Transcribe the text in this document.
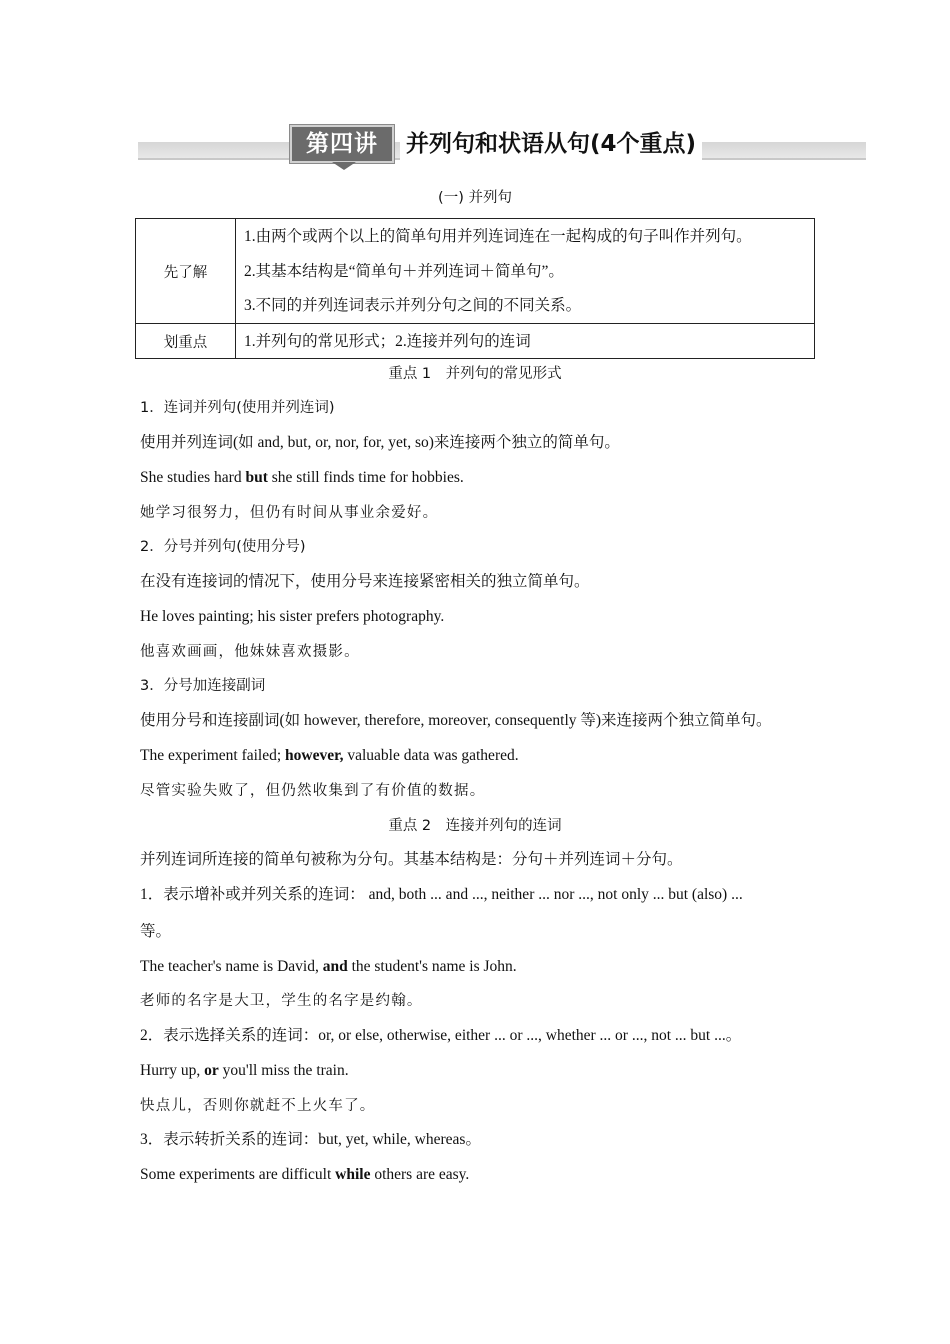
第四讲	并列句和状语从句(4个重点)
(一) 并列句
先了解
1.由两个或两个以上的简单句用并列连词连在一起构成的句子叫作并列句。
2.其基本结构是“简单句＋并列连词＋简单句”。
3.不同的并列连词表示并列分句之间的不同关系。
划重点	1.并列句的常见形式；2.连接并列句的连词
重点 1　并列句的常见形式
1．连词并列句(使用并列连词)
使用并列连词(如 and, but, or, nor, for, yet, so)来连接两个独立的简单句。
She studies hard but she still finds time for hobbies.
她学习很努力，但仍有时间从事业余爱好。
2．分号并列句(使用分号)
在没有连接词的情况下，使用分号来连接紧密相关的独立简单句。
He loves painting; his sister prefers photography.
他喜欢画画，他妹妹喜欢摄影。
3．分号加连接副词
使用分号和连接副词(如 however, therefore, moreover, consequently 等)来连接两个独立简单句。
The experiment failed; however, valuable data was gathered.
尽管实验失败了，但仍然收集到了有价值的数据。
重点 2　连接并列句的连词
并列连词所连接的简单句被称为分句。其基本结构是：分句＋并列连词＋分句。
1．表示增补或并列关系的连词： and, both ... and ..., neither ... nor ..., not only ... but (also) ...
等。
The teacher's name is David, and the student's name is John.
老师的名字是大卫，学生的名字是约翰。
2．表示选择关系的连词：or, or else, otherwise, either ... or ..., whether ... or ..., not ... but ...。
Hurry up, or you'll miss the train.
快点儿，否则你就赶不上火车了。
3．表示转折关系的连词：but, yet, while, whereas。
Some experiments are difficult while others are easy.
